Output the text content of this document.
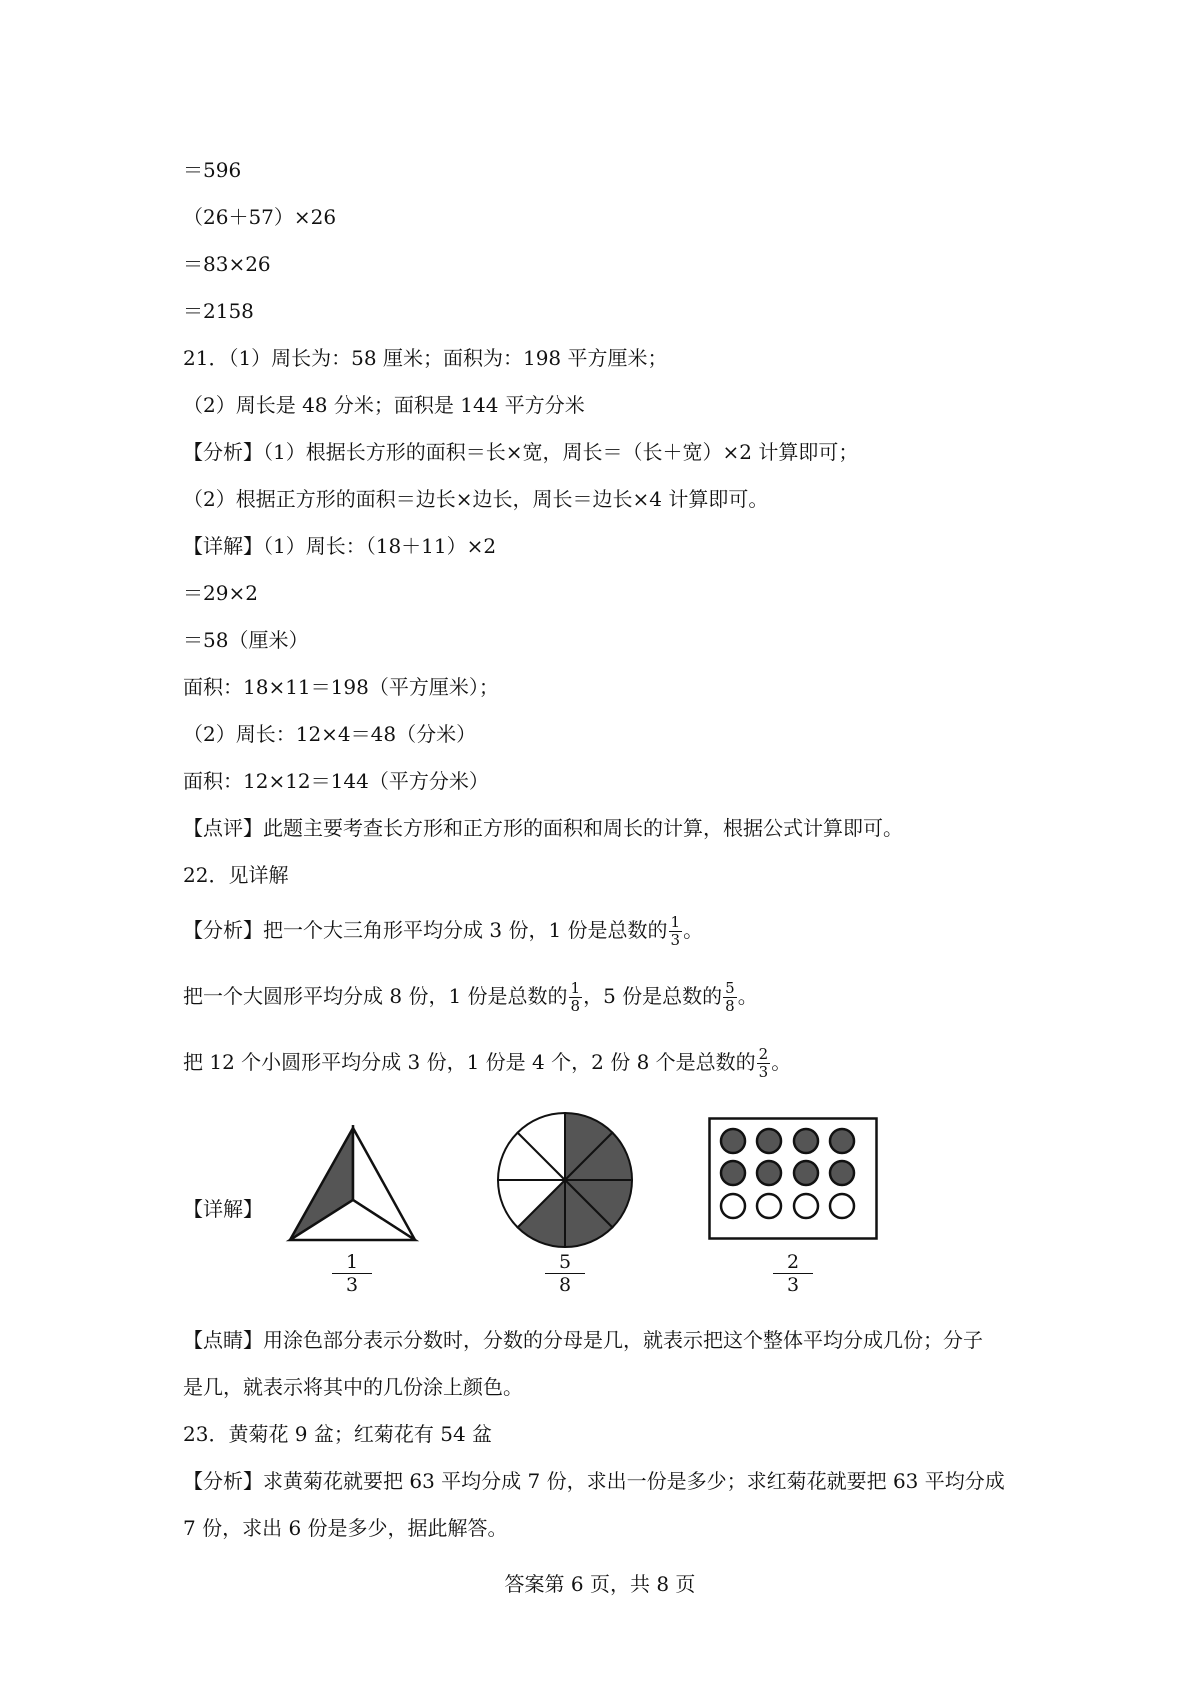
＝596
（26＋57）×26
＝83×26
＝2158
21．（1）周长为：58 厘米；面积为：198 平方厘米；
（2）周长是 48 分米；面积是 144 平方分米
【分析】（1）根据长方形的面积＝长×宽，周长＝（长＋宽）×2 计算即可；
（2）根据正方形的面积＝边长×边长，周长＝边长×4 计算即可。
【详解】（1）周长：（18＋11）×2
＝29×2
＝58（厘米）
面积：18×11＝198（平方厘米）；
（2）周长：12×4＝48（分米）
面积：12×12＝144（平方分米）
【点评】此题主要考查长方形和正方形的面积和周长的计算，根据公式计算即可。
22．见详解
【分析】把一个大三角形平均分成 3 份，1 份是总数的 $\frac{1}{3}$ 。
把一个大圆形平均分成 8 份，1 份是总数的 $\frac{1}{8}$ ，5 份是总数的 $\frac{5}{8}$ 。
把 12 个小圆形平均分成 3 份，1 份是 4 个，2 份 8 个是总数的 $\frac{2}{3}$ 。
【详解】
$\frac{1}{3}$	$\frac{5}{8}$	$\frac{2}{3}$
【点睛】用涂色部分表示分数时，分数的分母是几，就表示把这个整体平均分成几份；分子
是几，就表示将其中的几份涂上颜色。
23．黄菊花 9 盆；红菊花有 54 盆
【分析】求黄菊花就要把 63 平均分成 7 份，求出一份是多少；求红菊花就要把 63 平均分成
7 份，求出 6 份是多少，据此解答。
答案第 6 页，共 8 页
